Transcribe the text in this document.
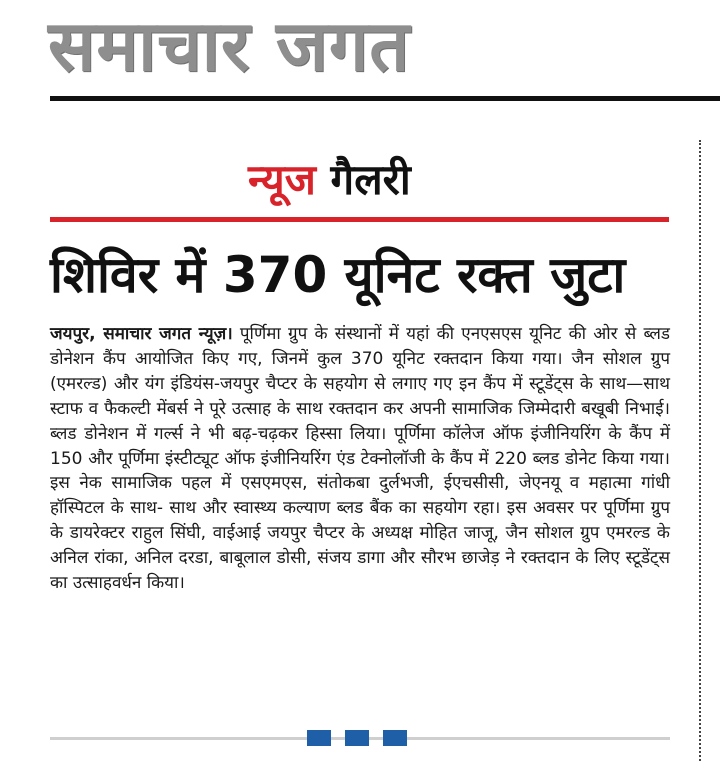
समाचार जगत
न्यूज गैलरी
शिविर में 370 यूनिट रक्त जुटा
जयपुर, समाचार जगत न्यूज़। पूर्णिमा ग्रुप के संस्थानों में यहां की एनएसएस यूनिट की ओर से ब्लड डोनेशन कैंप आयोजित किए गए, जिनमें कुल 370 यूनिट रक्तदान किया गया। जैन सोशल ग्रुप (एमरल्ड) और यंग इंडियंस-जयपुर चैप्टर के सहयोग से लगाए गए इन कैंप में स्टूडेंट्स के साथ—साथ स्टाफ व फैकल्टी मेंबर्स ने पूरे उत्साह के साथ रक्तदान कर अपनी सामाजिक जिम्मेदारी बखूबी निभाई। ब्लड डोनेशन में गर्ल्स ने भी बढ़-चढ़कर हिस्सा लिया। पूर्णिमा कॉलेज ऑफ इंजीनियरिंग के कैंप में 150 और पूर्णिमा इंस्टीट्यूट ऑफ इंजीनियरिंग एंड टेक्नोलॉजी के कैंप में 220 ब्लड डोनेट किया गया। इस नेक सामाजिक पहल में एसएमएस, संतोकबा दुर्लभजी, ईएचसीसी, जेएनयू व महात्मा गांधी हॉस्पिटल के साथ- साथ और स्वास्थ्य कल्याण ब्लड बैंक का सहयोग रहा। इस अवसर पर पूर्णिमा ग्रुप के डायरेक्टर राहुल सिंघी, वाईआई जयपुर चैप्टर के अध्यक्ष मोहित जाजू, जैन सोशल ग्रुप एमरल्ड के अनिल रांका, अनिल दरडा, बाबूलाल डोसी, संजय डागा और सौरभ छाजेड़ ने रक्तदान के लिए स्टूडेंट्स का उत्साहवर्धन किया।
